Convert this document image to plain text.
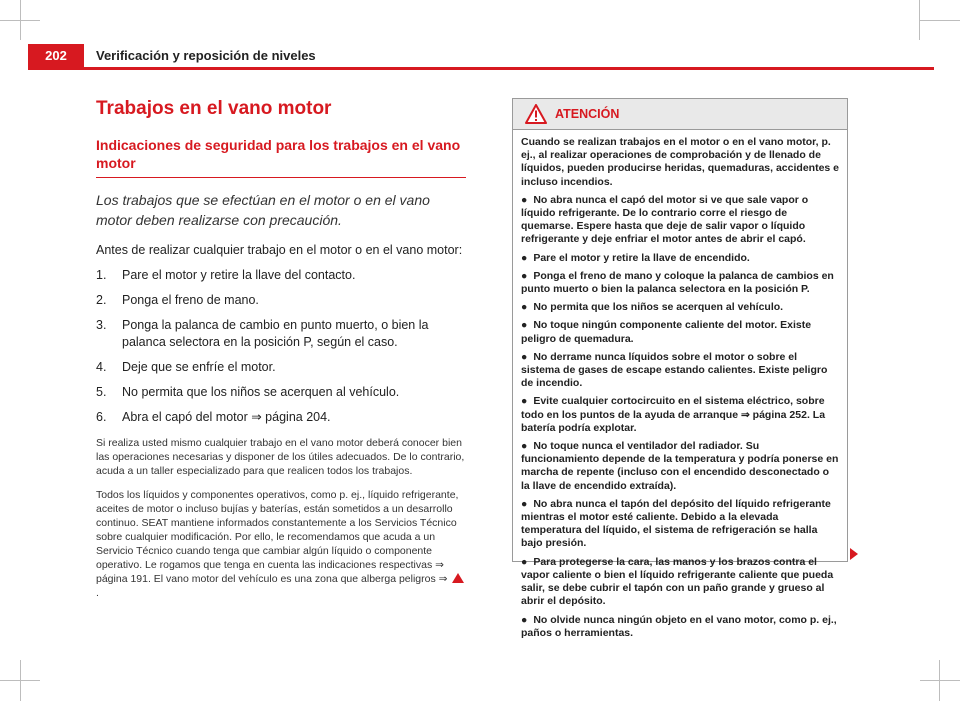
202	Verificación y reposición de niveles
Trabajos en el vano motor
Indicaciones de seguridad para los trabajos en el vano motor

Los trabajos que se efectúan en el motor o en el vano motor deben realizarse con precaución.

Antes de realizar cualquier trabajo en el motor o en el vano motor:

1.	Pare el motor y retire la llave del contacto.
2.	Ponga el freno de mano.
3.	Ponga la palanca de cambio en punto muerto, o bien la palanca selectora en la posición P, según el caso.
4.	Deje que se enfríe el motor.
5.	No permita que los niños se acerquen al vehículo.
6.	Abra el capó del motor ⇒ página 204.

Si realiza usted mismo cualquier trabajo en el vano motor deberá conocer bien las operaciones necesarias y disponer de los útiles adecuados. De lo contrario, acuda a un taller especializado para que realicen todos los trabajos.

Todos los líquidos y componentes operativos, como p. ej., líquido refrigerante, aceites de motor o incluso bujías y baterías, están sometidos a un desarrollo continuo. SEAT mantiene informados constantemente a los Servicios Técnico sobre cualquier modificación. Por ello, le recomendamos que acuda a un Servicio Técnico cuando tenga que cambiar algún líquido o componente operativo. Le rogamos que tenga en cuenta las indicaciones respectivas ⇒ página 191. El vano motor del vehículo es una zona que alberga peligros ⇒ .

ATENCIÓN

Cuando se realizan trabajos en el motor o en el vano motor, p. ej., al realizar operaciones de comprobación y de llenado de líquidos, pueden producirse heridas, quemaduras, accidentes e incluso incendios.

● No abra nunca el capó del motor si ve que sale vapor o líquido refrigerante. De lo contrario corre el riesgo de quemarse. Espere hasta que deje de salir vapor o líquido refrigerante y deje enfriar el motor antes de abrir el capó.

● Pare el motor y retire la llave de encendido.

● Ponga el freno de mano y coloque la palanca de cambios en punto muerto o bien la palanca selectora en la posición P.

● No permita que los niños se acerquen al vehículo.

● No toque ningún componente caliente del motor. Existe peligro de quemadura.

● No derrame nunca líquidos sobre el motor o sobre el sistema de gases de escape estando calientes. Existe peligro de incendio.

● Evite cualquier cortocircuito en el sistema eléctrico, sobre todo en los puntos de la ayuda de arranque ⇒ página 252. La batería podría explotar.

● No toque nunca el ventilador del radiador. Su funcionamiento depende de la temperatura y podría ponerse en marcha de repente (incluso con el encendido desconectado o la llave de encendido extraída).

● No abra nunca el tapón del depósito del líquido refrigerante mientras el motor esté caliente. Debido a la elevada temperatura del líquido, el sistema de refrigeración se halla bajo presión.

● Para protegerse la cara, las manos y los brazos contra el vapor caliente o bien el líquido refrigerante caliente que pueda salir, se debe cubrir el tapón con un paño grande y grueso al abrir el depósito.

● No olvide nunca ningún objeto en el vano motor, como p. ej., paños o herramientas.
